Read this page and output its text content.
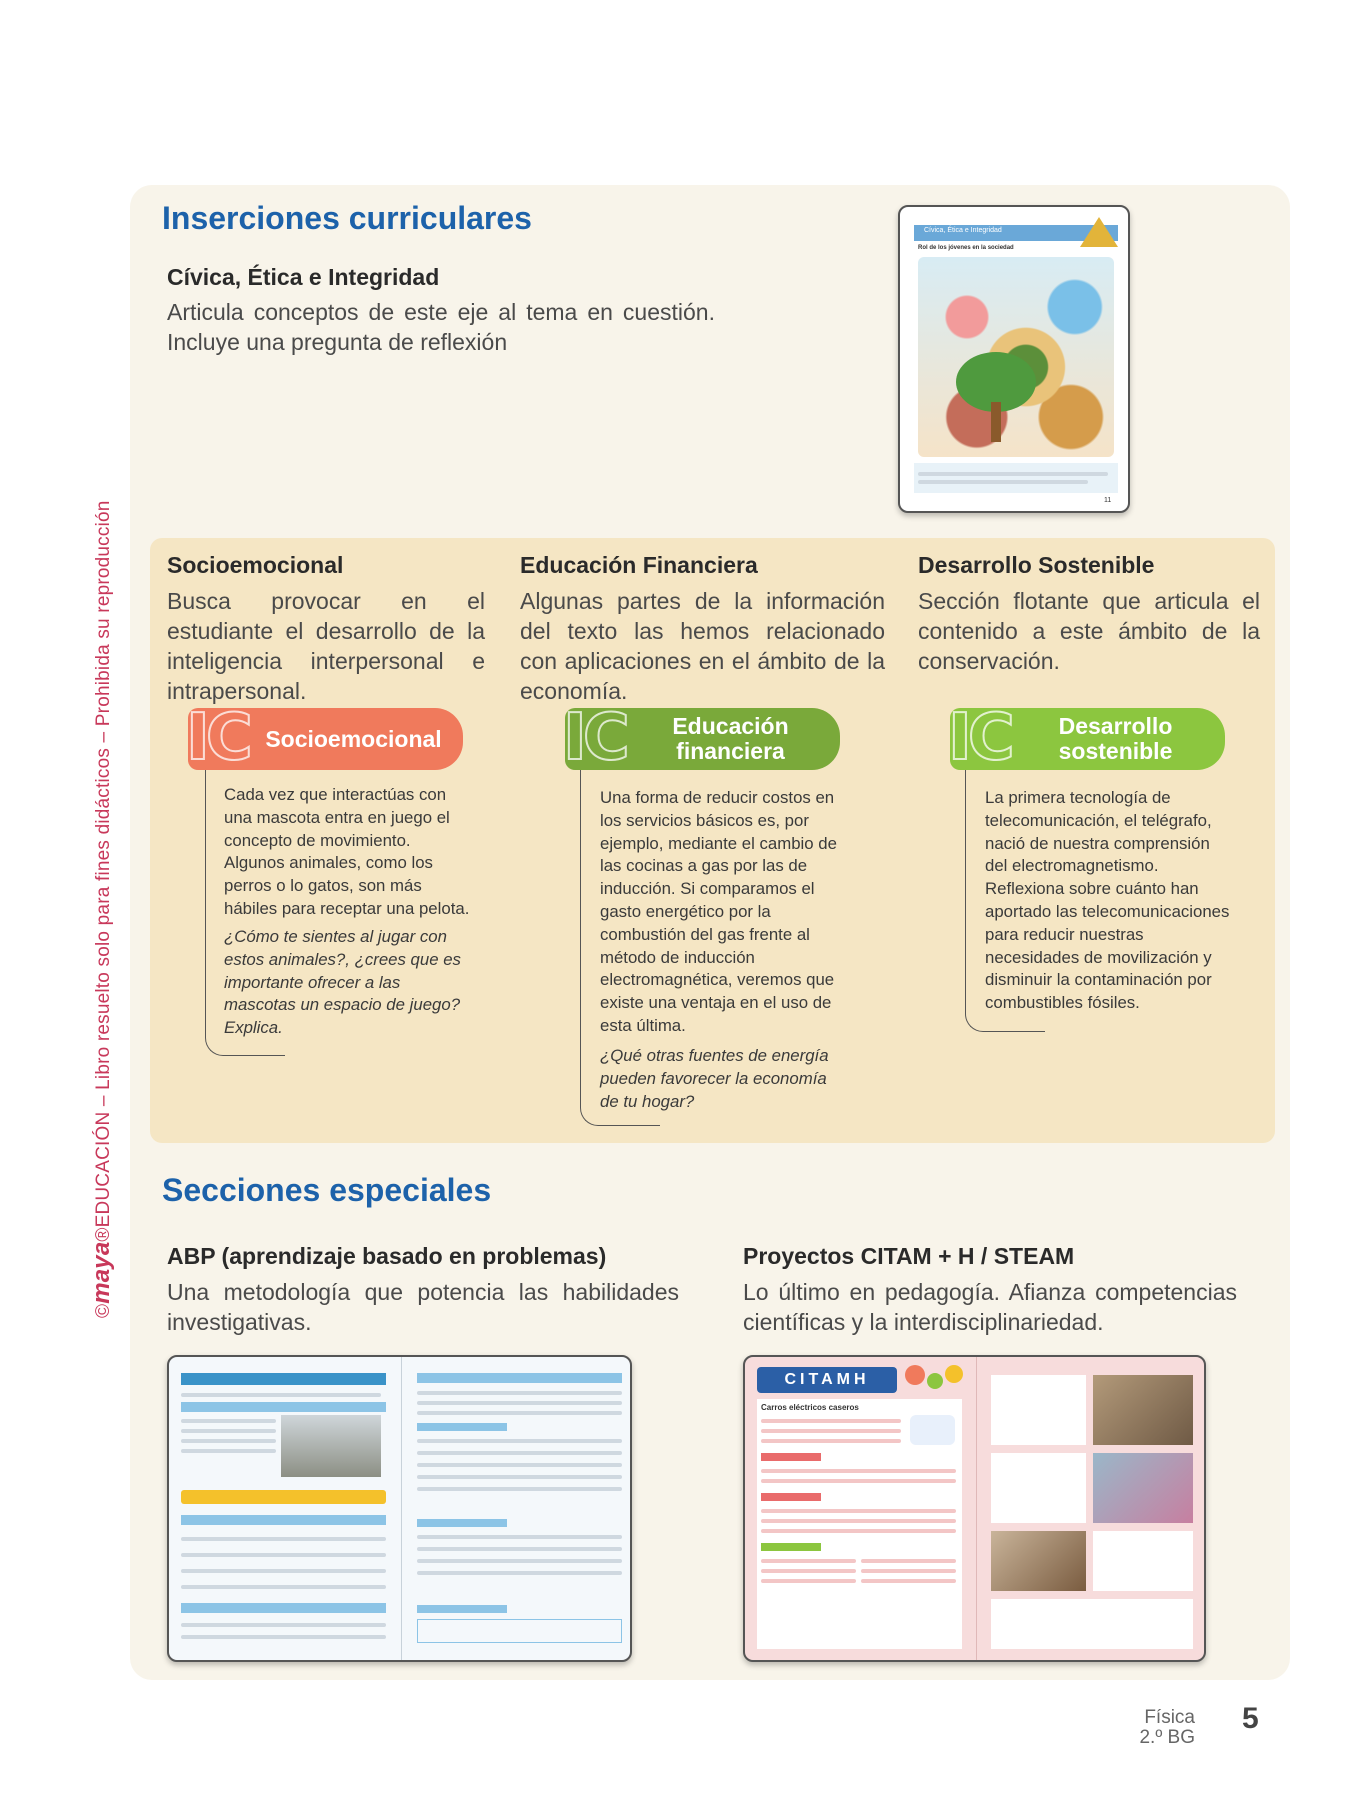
©maya®EDUCACIÓN – Libro resuelto solo para fines didácticos – Prohibida su reproducción
Inserciones curriculares
Cívica, Ética e Integridad
Articula conceptos de este eje al tema en cuestión. Incluye una pregunta de reflexión
Cívica, Ética e Integridad
Rol de los jóvenes en la sociedad
11
Socioemocional
Busca provocar en el estudiante el desarrollo de la inteligencia interpersonal e intrapersonal.
Educación Financiera
Algunas partes de la información del texto las hemos relacionado con aplicaciones en el ámbito de la economía.
Desarrollo Sostenible
Sección flotante que articula el contenido a este ámbito de la conservación.
Socioemocional
IC
Cada vez que interactúas con una mascota entra en juego el concepto de movimiento. Algunos animales, como los perros o lo gatos, son más hábiles para receptar una pelota.
¿Cómo te sientes al jugar con estos animales?, ¿crees que es importante ofrecer a las mascotas un espacio de juego? Explica.
Educación financiera
IC
Una forma de reducir costos en los servicios básicos es, por ejemplo, mediante el cambio de las cocinas a gas por las de inducción. Si comparamos el gasto energético por la combustión del gas frente al método de inducción electromagnética, veremos que existe una ventaja en el uso de esta última.
¿Qué otras fuentes de energía pueden favorecer la economía de tu hogar?
Desarrollo sostenible
IC
La primera tecnología de telecomunicación, el telégrafo, nació de nuestra comprensión del electromagnetismo. Reflexiona sobre cuánto han aportado las telecomunicaciones para reducir nuestras necesidades de movilización y disminuir la contaminación por combustibles fósiles.
Secciones especiales
ABP (aprendizaje basado en problemas)
Una metodología que potencia las habilidades investigativas.
Proyectos CITAM + H / STEAM
Lo último en pedagogía. Afianza competencias científicas y la interdisciplinariedad.
CITAMH
Carros eléctricos caseros
Física
2.º BG
5
